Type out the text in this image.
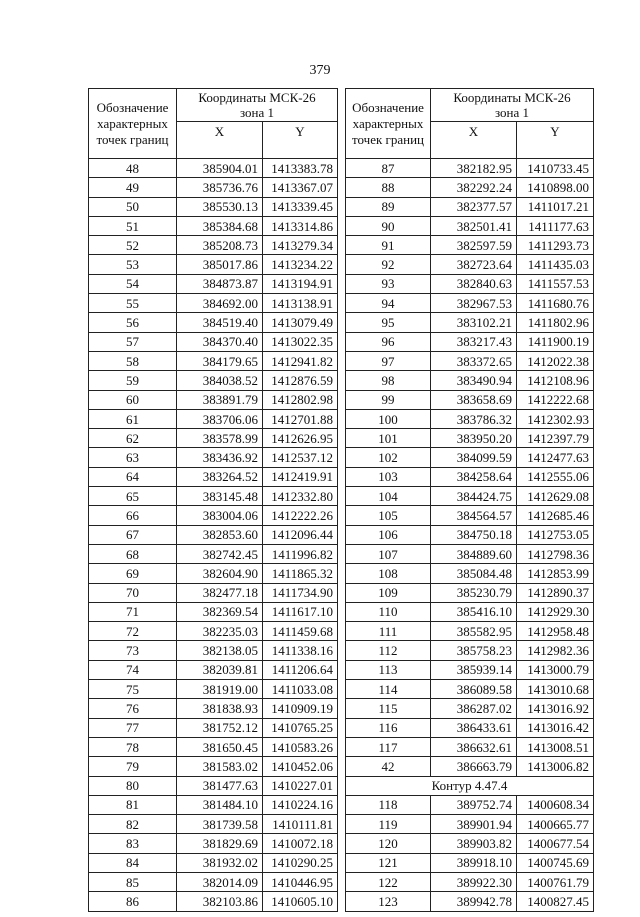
379
Обозначение характерных точек границ	Координаты МСК-26
зона 1	
	X	Y
48	385904.01	1413383.78
49	385736.76	1413367.07
50	385530.13	1413339.45
51	385384.68	1413314.86
52	385208.73	1413279.34
53	385017.86	1413234.22
54	384873.87	1413194.91
55	384692.00	1413138.91
56	384519.40	1413079.49
57	384370.40	1413022.35
58	384179.65	1412941.82
59	384038.52	1412876.59
60	383891.79	1412802.98
61	383706.06	1412701.88
62	383578.99	1412626.95
63	383436.92	1412537.12
64	383264.52	1412419.91
65	383145.48	1412332.80
66	383004.06	1412222.26
67	382853.60	1412096.44
68	382742.45	1411996.82
69	382604.90	1411865.32
70	382477.18	1411734.90
71	382369.54	1411617.10
72	382235.03	1411459.68
73	382138.05	1411338.16
74	382039.81	1411206.64
75	381919.00	1411033.08
76	381838.93	1410909.19
77	381752.12	1410765.25
78	381650.45	1410583.26
79	381583.02	1410452.06
80	381477.63	1410227.01
81	381484.10	1410224.16
82	381739.58	1410111.81
83	381829.69	1410072.18
84	381932.02	1410290.25
85	382014.09	1410446.95
86	382103.86	1410605.10
Обозначение характерных точек границ	Координаты МСК-26
зона 1	
	X	Y
87	382182.95	1410733.45
88	382292.24	1410898.00
89	382377.57	1411017.21
90	382501.41	1411177.63
91	382597.59	1411293.73
92	382723.64	1411435.03
93	382840.63	1411557.53
94	382967.53	1411680.76
95	383102.21	1411802.96
96	383217.43	1411900.19
97	383372.65	1412022.38
98	383490.94	1412108.96
99	383658.69	1412222.68
100	383786.32	1412302.93
101	383950.20	1412397.79
102	384099.59	1412477.63
103	384258.64	1412555.06
104	384424.75	1412629.08
105	384564.57	1412685.46
106	384750.18	1412753.05
107	384889.60	1412798.36
108	385084.48	1412853.99
109	385230.79	1412890.37
110	385416.10	1412929.30
111	385582.95	1412958.48
112	385758.23	1412982.36
113	385939.14	1413000.79
114	386089.58	1413010.68
115	386287.02	1413016.92
116	386433.61	1413016.42
117	386632.61	1413008.51
42	386663.79	1413006.82
Контур 4.47.4		
118	389752.74	1400608.34
119	389901.94	1400665.77
120	389903.82	1400677.54
121	389918.10	1400745.69
122	389922.30	1400761.79
123	389942.78	1400827.45
